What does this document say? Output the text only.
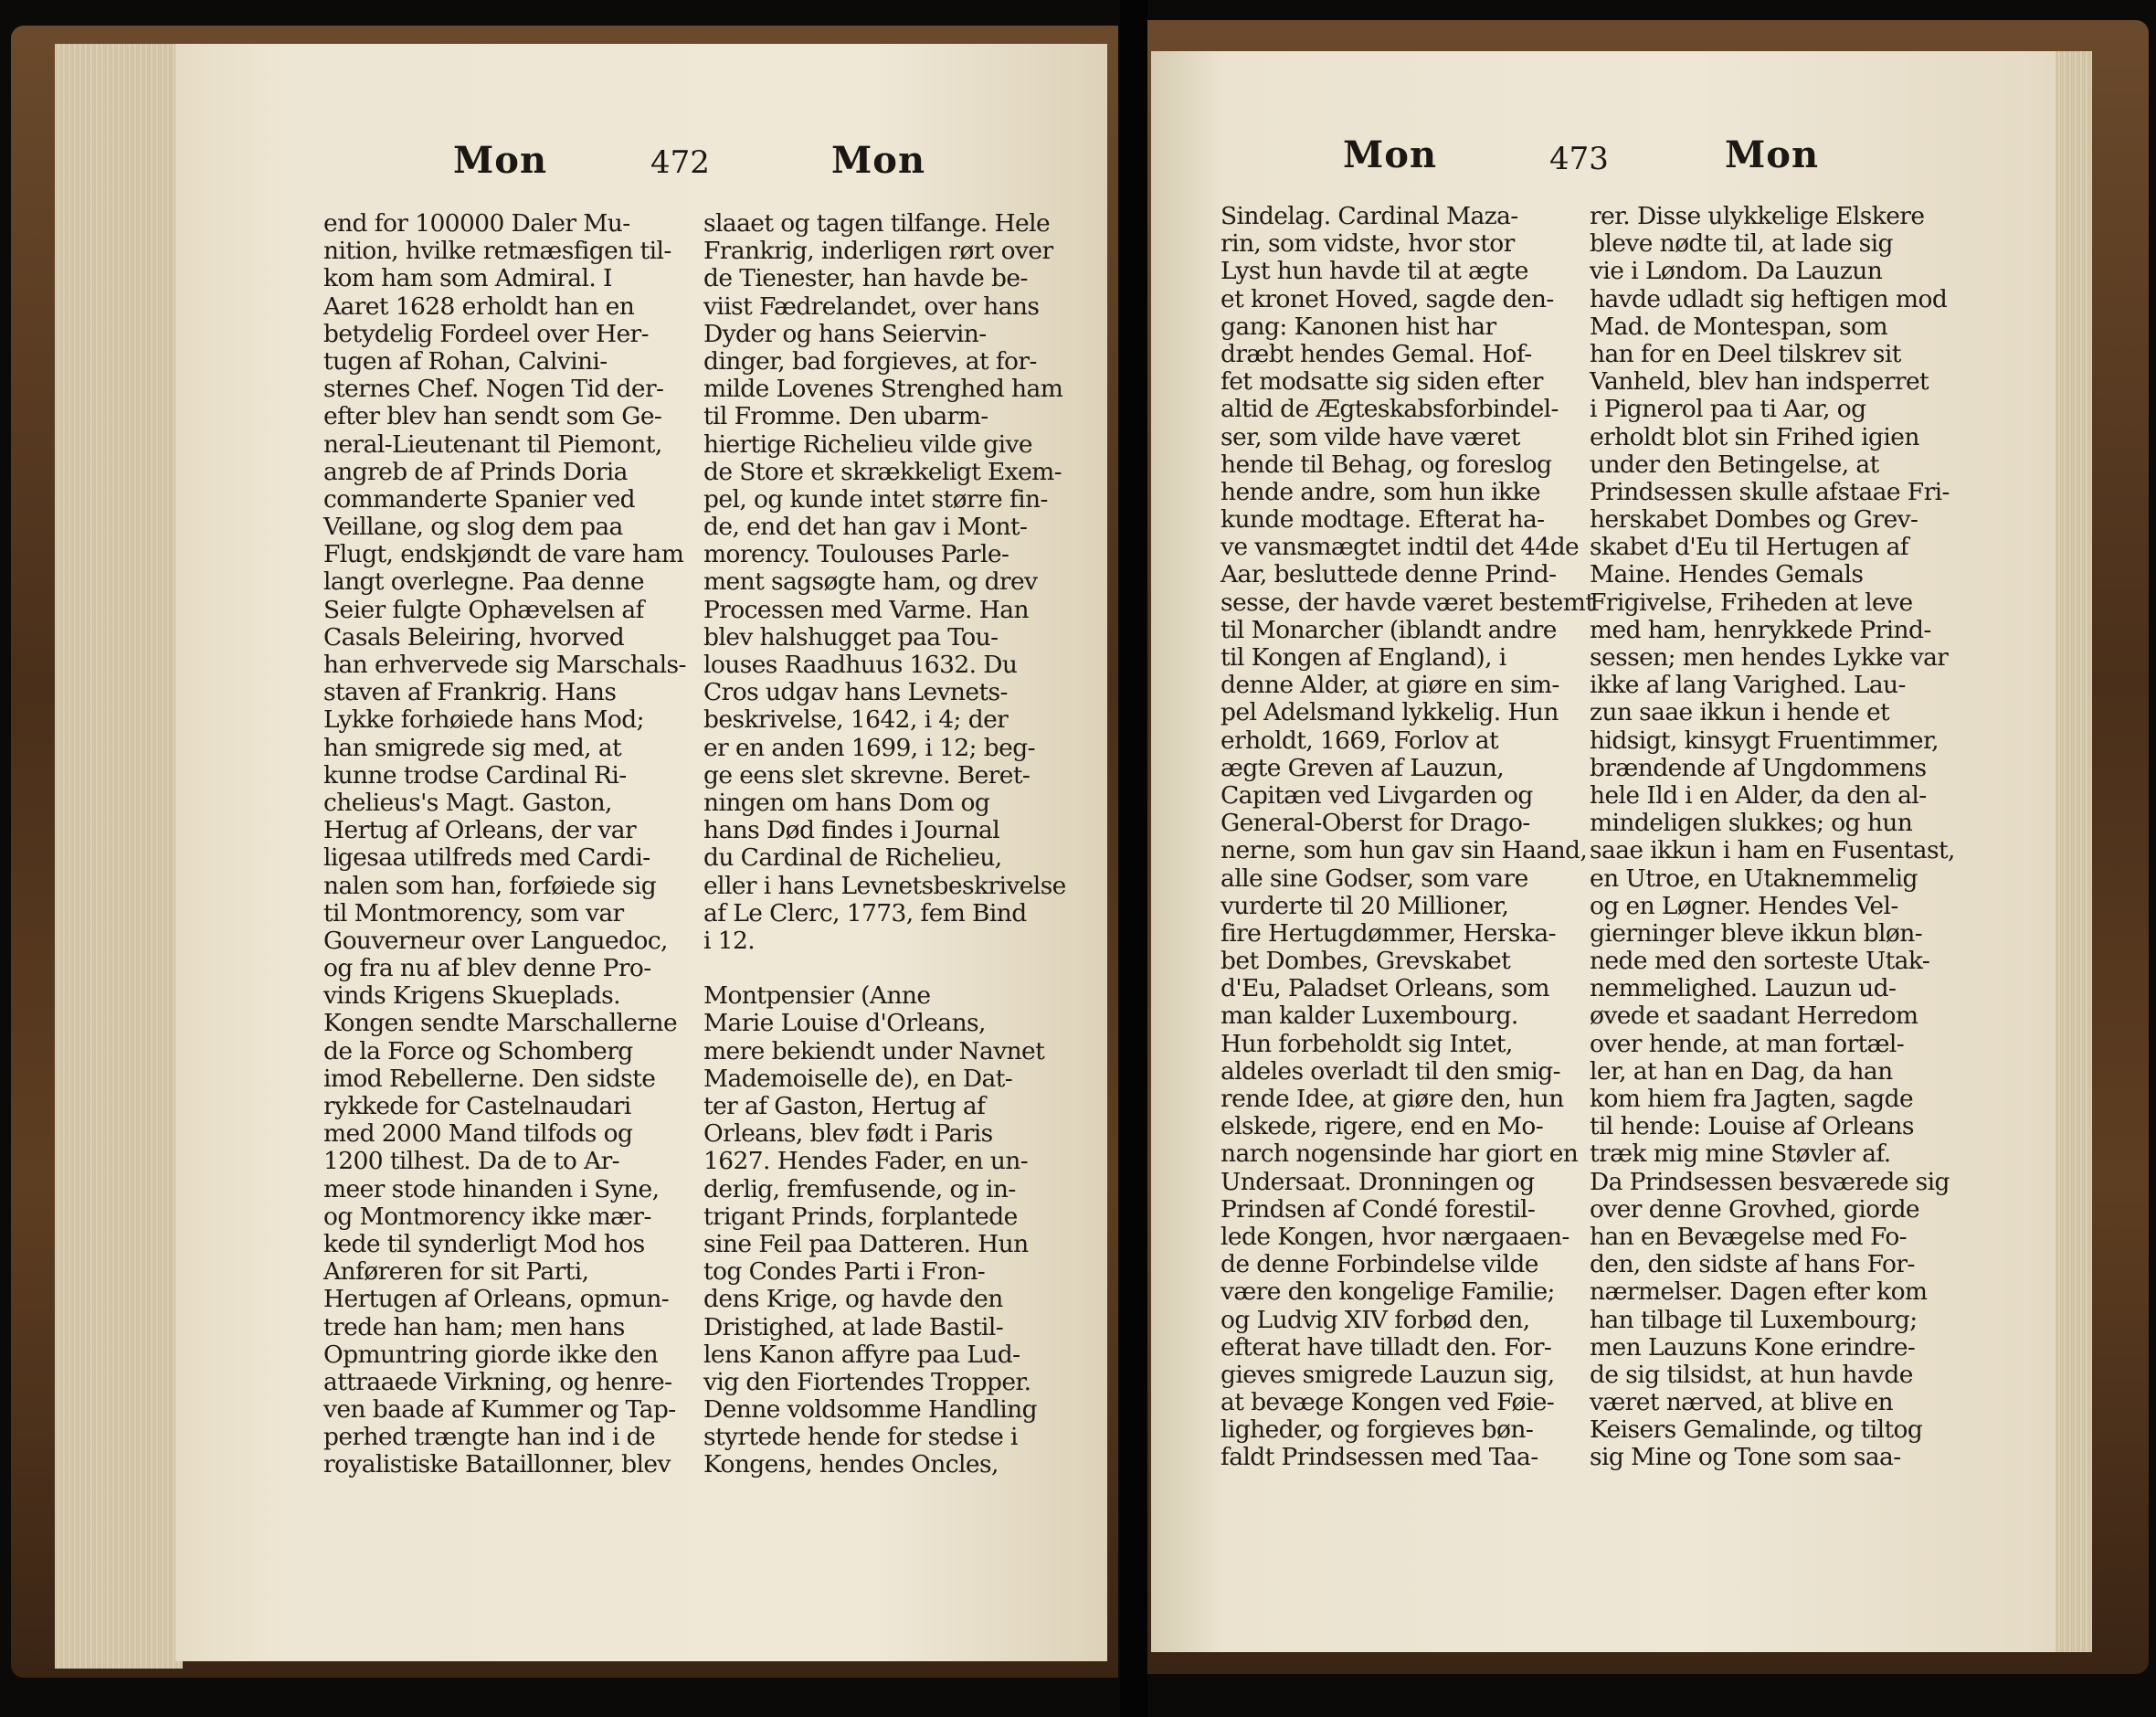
Mon	472	Mon
end for 100000 Daler Mu-
nition, hvilke retmæsfigen til-
kom ham som Admiral. I
Aaret 1628 erholdt han en
betydelig Fordeel over Her-
tugen af Rohan, Calvini-
sternes Chef. Nogen Tid der-
efter blev han sendt som Ge-
neral-Lieutenant til Piemont,
angreb de af Prinds Doria
commanderte Spanier ved
Veillane, og slog dem paa
Flugt, endskjøndt de vare ham
langt overlegne. Paa denne
Seier fulgte Ophævelsen af
Casals Beleiring, hvorved
han erhvervede sig Marschals-
staven af Frankrig. Hans
Lykke forhøiede hans Mod;
han smigrede sig med, at
kunne trodse Cardinal Ri-
chelieus's Magt. Gaston,
Hertug af Orleans, der var
ligesaa utilfreds med Cardi-
nalen som han, forføiede sig
til Montmorency, som var
Gouverneur over Languedoc,
og fra nu af blev denne Pro-
vinds Krigens Skueplads.
Kongen sendte Marschallerne
de la Force og Schomberg
imod Rebellerne. Den sidste
rykkede for Castelnaudari
med 2000 Mand tilfods og
1200 tilhest. Da de to Ar-
meer stode hinanden i Syne,
og Montmorency ikke mær-
kede til synderligt Mod hos
Anføreren for sit Parti,
Hertugen af Orleans, opmun-
trede han ham; men hans
Opmuntring giorde ikke den
attraaede Virkning, og henre-
ven baade af Kummer og Tap-
perhed trængte han ind i de
royalistiske Bataillonner, blev
slaaet og tagen tilfange. Hele
Frankrig, inderligen rørt over
de Tienester, han havde be-
viist Fædrelandet, over hans
Dyder og hans Seiervin-
dinger, bad forgieves, at for-
milde Lovenes Strenghed ham
til Fromme. Den ubarm-
hiertige Richelieu vilde give
de Store et skrækkeligt Exem-
pel, og kunde intet større fin-
de, end det han gav i Mont-
morency. Toulouses Parle-
ment sagsøgte ham, og drev
Processen med Varme. Han
blev halshugget paa Tou-
louses Raadhuus 1632. Du
Cros udgav hans Levnets-
beskrivelse, 1642, i 4; der
er en anden 1699, i 12; beg-
ge eens slet skrevne. Beret-
ningen om hans Dom og
hans Død findes i Journal
du Cardinal de Richelieu,
eller i hans Levnetsbeskrivelse
af Le Clerc, 1773, fem Bind
i 12.
Montpensier (Anne
Marie Louise d'Orleans,
mere bekiendt under Navnet
Mademoiselle de), en Dat-
ter af Gaston, Hertug af
Orleans, blev født i Paris
1627. Hendes Fader, en un-
derlig, fremfusende, og in-
trigant Prinds, forplantede
sine Feil paa Datteren. Hun
tog Condes Parti i Fron-
dens Krige, og havde den
Dristighed, at lade Bastil-
lens Kanon affyre paa Lud-
vig den Fiortendes Tropper.
Denne voldsomme Handling
styrtede hende for stedse i
Kongens, hendes Oncles,
Mon	473	Mon
Sindelag. Cardinal Maza-
rin, som vidste, hvor stor
Lyst hun havde til at ægte
et kronet Hoved, sagde den-
gang: Kanonen hist har
dræbt hendes Gemal. Hof-
fet modsatte sig siden efter
altid de Ægteskabsforbindel-
ser, som vilde have været
hende til Behag, og foreslog
hende andre, som hun ikke
kunde modtage. Efterat ha-
ve vansmægtet indtil det 44de
Aar, besluttede denne Prind-
sesse, der havde været bestemt
til Monarcher (iblandt andre
til Kongen af England), i
denne Alder, at giøre en sim-
pel Adelsmand lykkelig. Hun
erholdt, 1669, Forlov at
ægte Greven af Lauzun,
Capitæn ved Livgarden og
General-Oberst for Drago-
nerne, som hun gav sin Haand,
alle sine Godser, som vare
vurderte til 20 Millioner,
fire Hertugdømmer, Herska-
bet Dombes, Grevskabet
d'Eu, Paladset Orleans, som
man kalder Luxembourg.
Hun forbeholdt sig Intet,
aldeles overladt til den smig-
rende Idee, at giøre den, hun
elskede, rigere, end en Mo-
narch nogensinde har giort en
Undersaat. Dronningen og
Prindsen af Condé forestil-
lede Kongen, hvor nærgaaen-
de denne Forbindelse vilde
være den kongelige Familie;
og Ludvig XIV forbød den,
efterat have tilladt den. For-
gieves smigrede Lauzun sig,
at bevæge Kongen ved Føie-
ligheder, og forgieves bøn-
faldt Prindsessen med Taa-
rer. Disse ulykkelige Elskere
bleve nødte til, at lade sig
vie i Løndom. Da Lauzun
havde udladt sig heftigen mod
Mad. de Montespan, som
han for en Deel tilskrev sit
Vanheld, blev han indsperret
i Pignerol paa ti Aar, og
erholdt blot sin Frihed igien
under den Betingelse, at
Prindsessen skulle afstaae Fri-
herskabet Dombes og Grev-
skabet d'Eu til Hertugen af
Maine. Hendes Gemals
Frigivelse, Friheden at leve
med ham, henrykkede Prind-
sessen; men hendes Lykke var
ikke af lang Varighed. Lau-
zun saae ikkun i hende et
hidsigt, kinsygt Fruentimmer,
brændende af Ungdommens
hele Ild i en Alder, da den al-
mindeligen slukkes; og hun
saae ikkun i ham en Fusentast,
en Utroe, en Utaknemmelig
og en Løgner. Hendes Vel-
gierninger bleve ikkun bløn-
nede med den sorteste Utak-
nemmelighed. Lauzun ud-
øvede et saadant Herredom
over hende, at man fortæl-
ler, at han en Dag, da han
kom hiem fra Jagten, sagde
til hende: Louise af Orleans
træk mig mine Støvler af.
Da Prindsessen besværede sig
over denne Grovhed, giorde
han en Bevægelse med Fo-
den, den sidste af hans For-
nærmelser. Dagen efter kom
han tilbage til Luxembourg;
men Lauzuns Kone erindre-
de sig tilsidst, at hun havde
været nærved, at blive en
Keisers Gemalinde, og tiltog
sig Mine og Tone som saa-
